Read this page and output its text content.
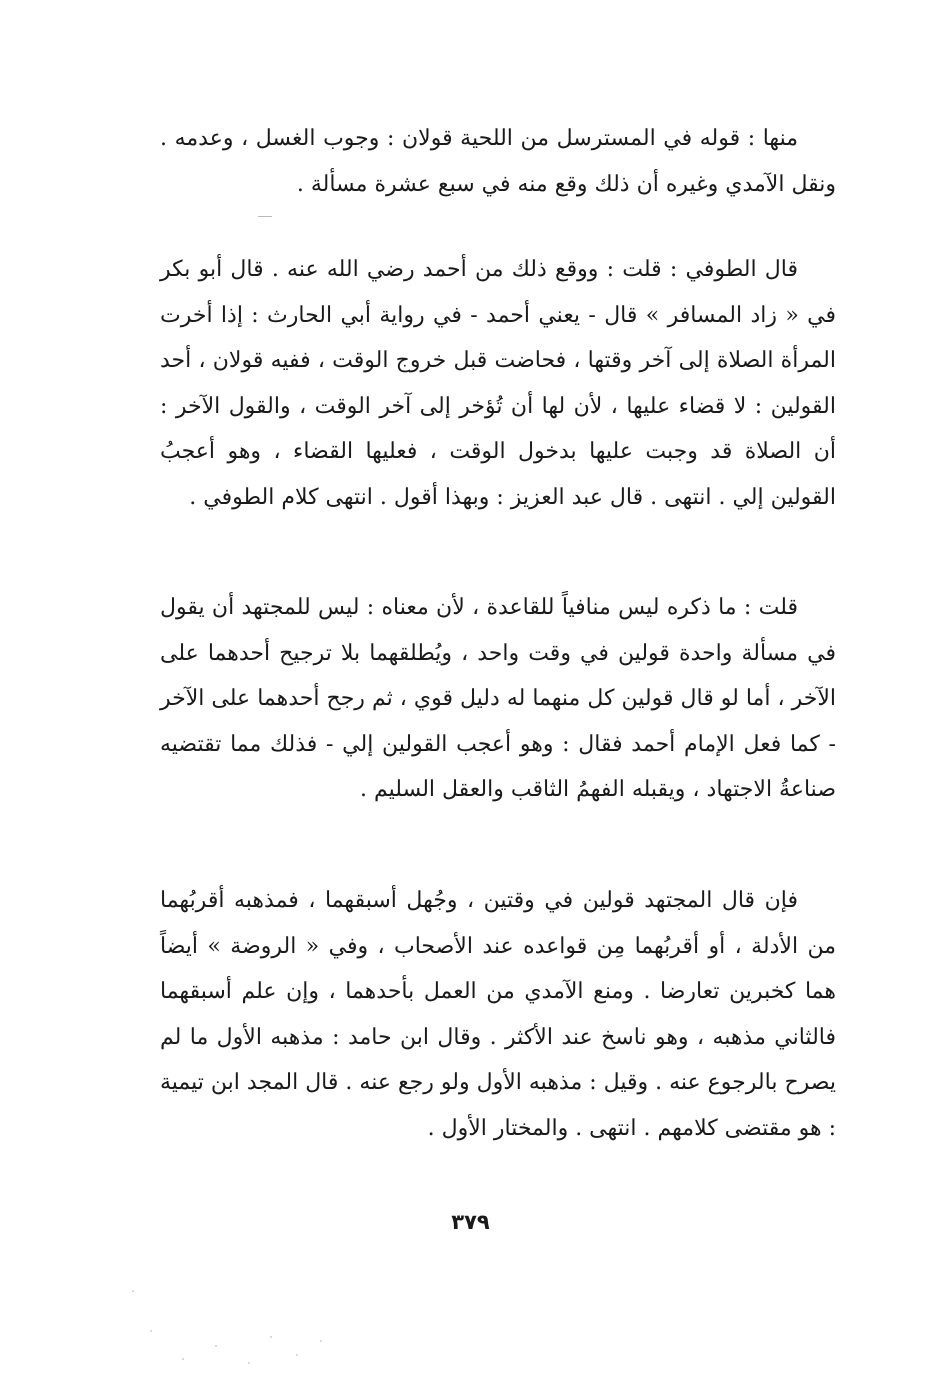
منها : قوله في المسترسل من اللحية قولان : وجوب الغسل ، وعدمه . ونقل الآمدي وغيره أن ذلك وقع منه في سبع عشرة مسألة .

قال الطوفي : قلت : ووقع ذلك من أحمد رضي الله عنه . قال أبو بكر في « زاد المسافر » قال - يعني أحمد - في رواية أبي الحارث : إذا أخرت المرأة الصلاة إلى آخر وقتها ، فحاضت قبل خروج الوقت ، ففيه قولان ، أحد القولين : لا قضاء عليها ، لأن لها أن تُؤخر إلى آخر الوقت ، والقول الآخر : أن الصلاة قد وجبت عليها بدخول الوقت ، فعليها القضاء ، وهو أعجبُ القولين إلي . انتهى . قال عبد العزيز : وبهذا أقول . انتهى كلام الطوفي .

قلت : ما ذكره ليس منافياً للقاعدة ، لأن معناه : ليس للمجتهد أن يقول في مسألة واحدة قولين في وقت واحد ، ويُطلقهما بلا ترجيح أحدهما على الآخر ، أما لو قال قولين كل منهما له دليل قوي ، ثم رجح أحدهما على الآخر - كما فعل الإمام أحمد فقال : وهو أعجب القولين إلي - فذلك مما تقتضيه صناعةُ الاجتهاد ، ويقبله الفهمُ الثاقب والعقل السليم .

فإن قال المجتهد قولين في وقتين ، وجُهل أسبقهما ، فمذهبه أقربُهما من الأدلة ، أو أقربُهما مِن قواعده عند الأصحاب ، وفي « الروضة » أيضاً هما كخبرين تعارضا . ومنع الآمدي من العمل بأحدهما ، وإن علم أسبقهما فالثاني مذهبه ، وهو ناسخ عند الأكثر . وقال ابن حامد : مذهبه الأول ما لم يصرح بالرجوع عنه . وقيل : مذهبه الأول ولو رجع عنه . قال المجد ابن تيمية : هو مقتضى كلامهم . انتهى . والمختار الأول .

٣٧٩
